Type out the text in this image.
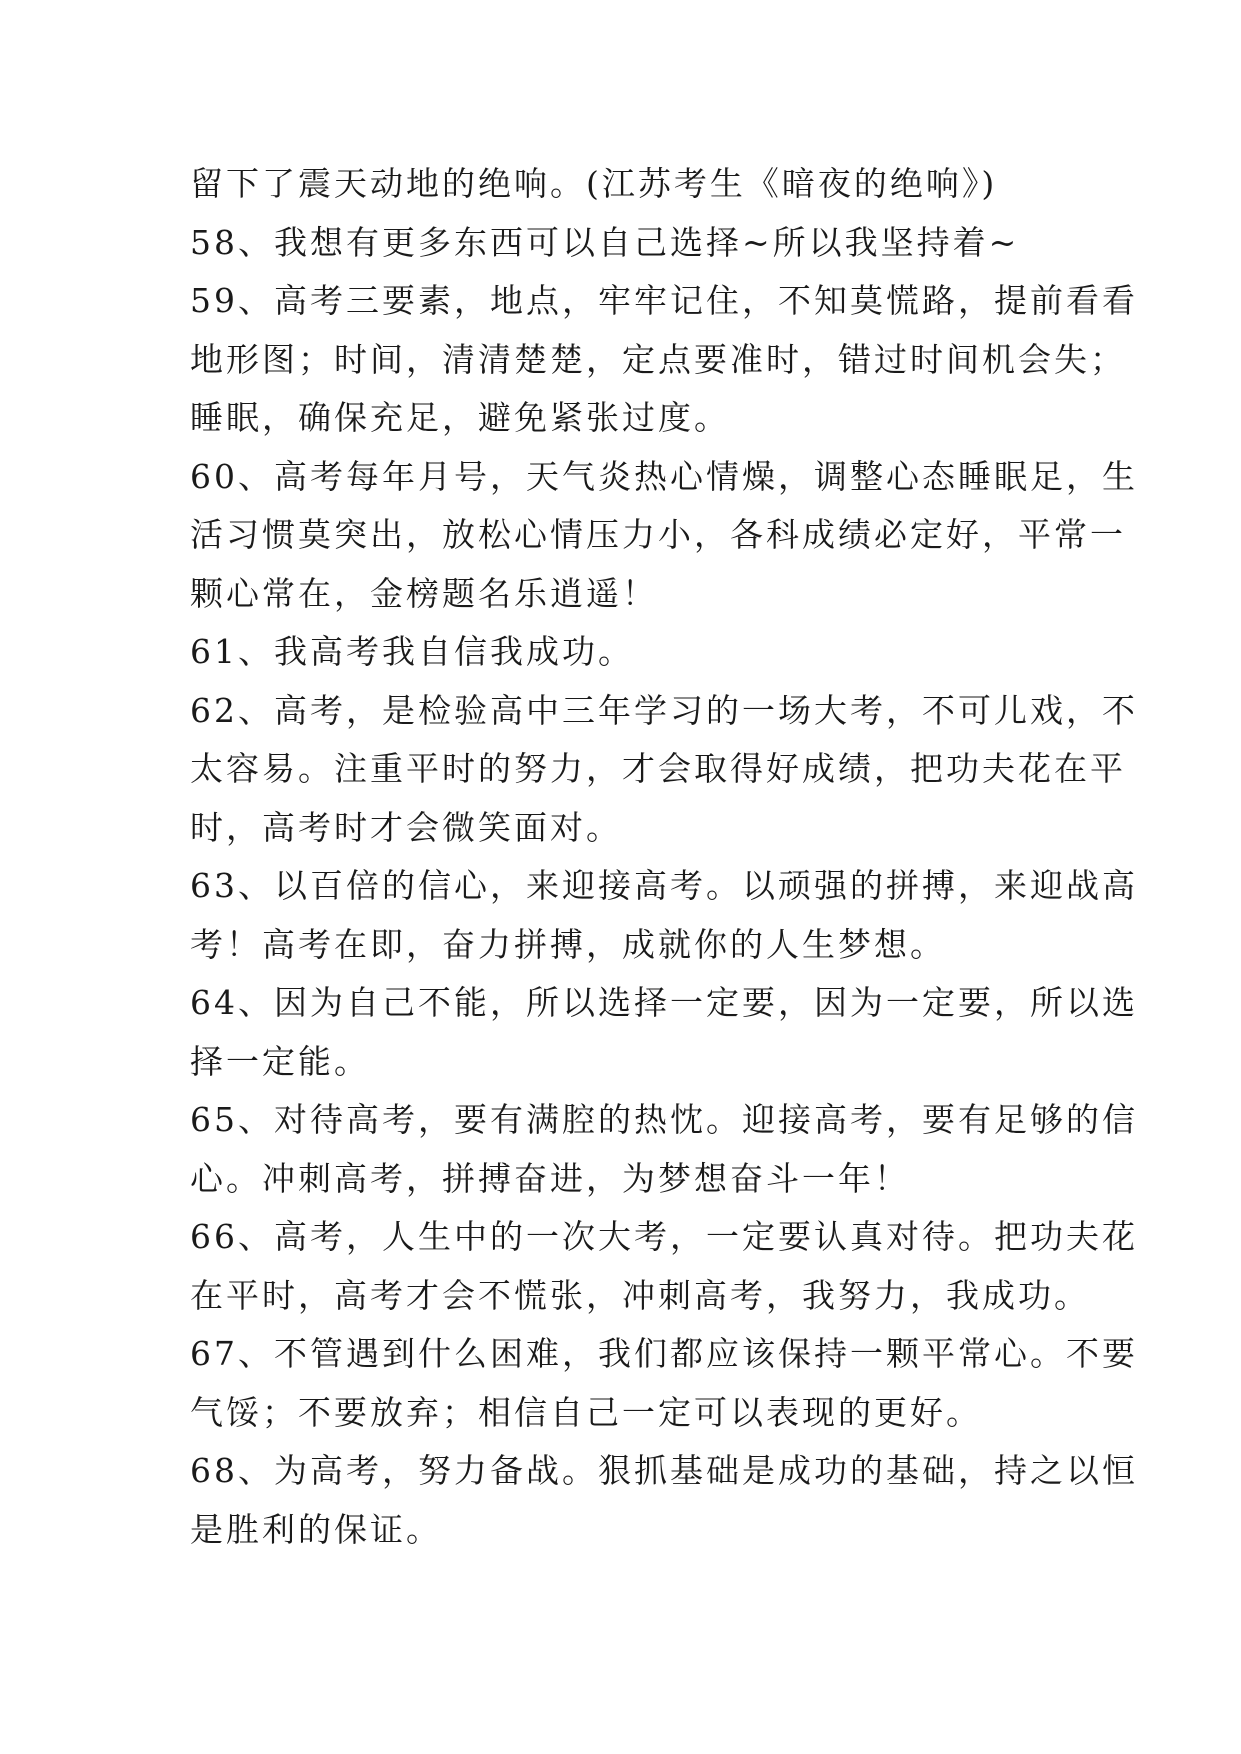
留下了震天动地的绝响。(江苏考生《暗夜的绝响》)
58、我想有更多东西可以自己选择~所以我坚持着~
59、高考三要素，地点，牢牢记住，不知莫慌路，提前看看
地形图；时间，清清楚楚，定点要准时，错过时间机会失；
睡眠，确保充足，避免紧张过度。
60、高考每年月号，天气炎热心情燥，调整心态睡眠足，生
活习惯莫突出，放松心情压力小，各科成绩必定好，平常一
颗心常在，金榜题名乐逍遥！
61、我高考我自信我成功。
62、高考，是检验高中三年学习的一场大考，不可儿戏，不
太容易。注重平时的努力，才会取得好成绩，把功夫花在平
时，高考时才会微笑面对。
63、以百倍的信心，来迎接高考。以顽强的拼搏，来迎战高
考！高考在即，奋力拼搏，成就你的人生梦想。
64、因为自己不能，所以选择一定要，因为一定要，所以选
择一定能。
65、对待高考，要有满腔的热忱。迎接高考，要有足够的信
心。冲刺高考，拼搏奋进，为梦想奋斗一年！
66、高考，人生中的一次大考，一定要认真对待。把功夫花
在平时，高考才会不慌张，冲刺高考，我努力，我成功。
67、不管遇到什么困难，我们都应该保持一颗平常心。不要
气馁；不要放弃；相信自己一定可以表现的更好。
68、为高考，努力备战。狠抓基础是成功的基础，持之以恒
是胜利的保证。
